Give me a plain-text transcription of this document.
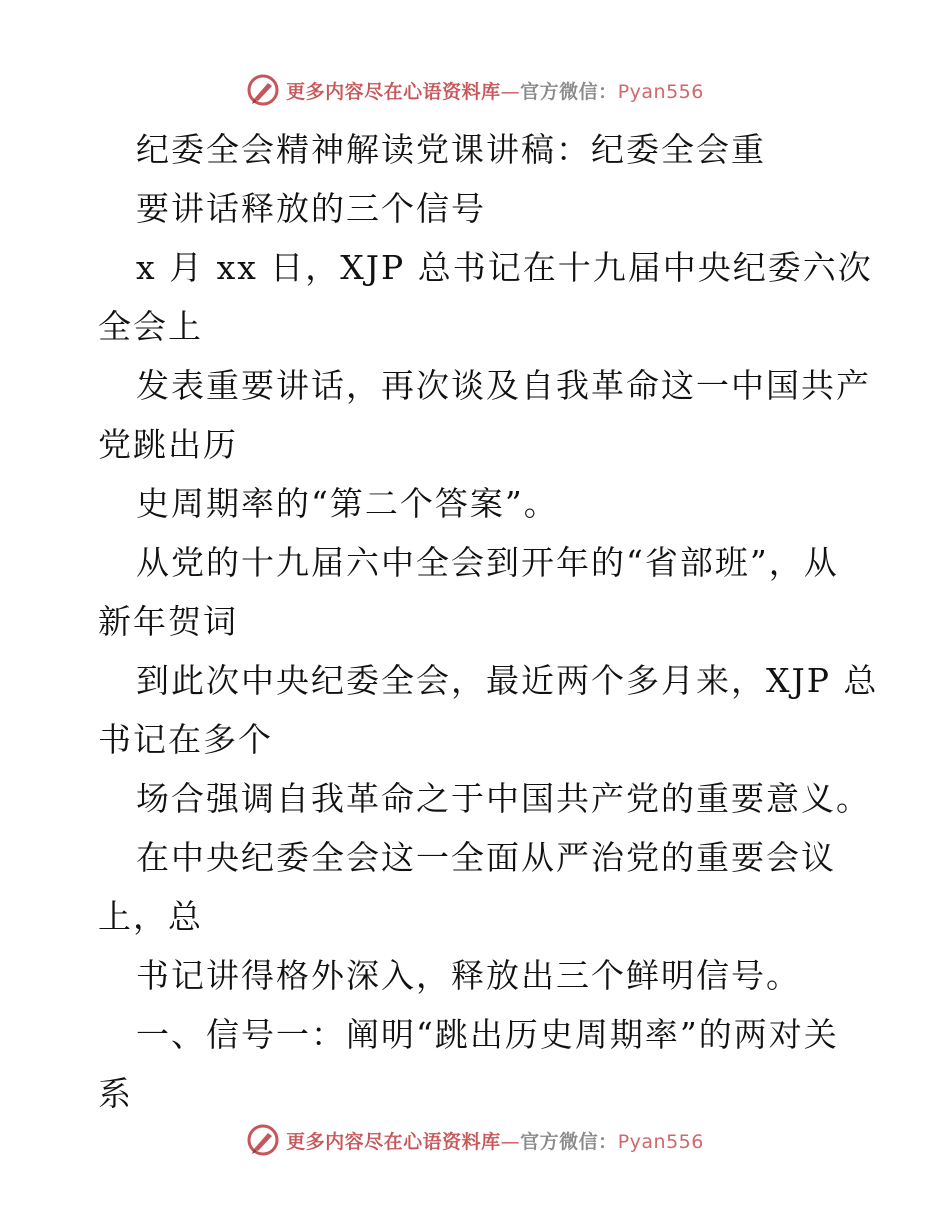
更多内容尽在心语资料库—官方微信：Pyan556
纪委全会精神解读党课讲稿：纪委全会重
要讲话释放的三个信号
x 月 xx 日，XJP 总书记在十九届中央纪委六次
全会上
发表重要讲话，再次谈及自我革命这一中国共产
党跳出历
史周期率的“第二个答案”。
从党的十九届六中全会到开年的“省部班”，从
新年贺词
到此次中央纪委全会，最近两个多月来，XJP 总
书记在多个
场合强调自我革命之于中国共产党的重要意义。
在中央纪委全会这一全面从严治党的重要会议
上，总
书记讲得格外深入，释放出三个鲜明信号。
一、信号一：阐明“跳出历史周期率”的两对关
系
更多内容尽在心语资料库—官方微信：Pyan556
